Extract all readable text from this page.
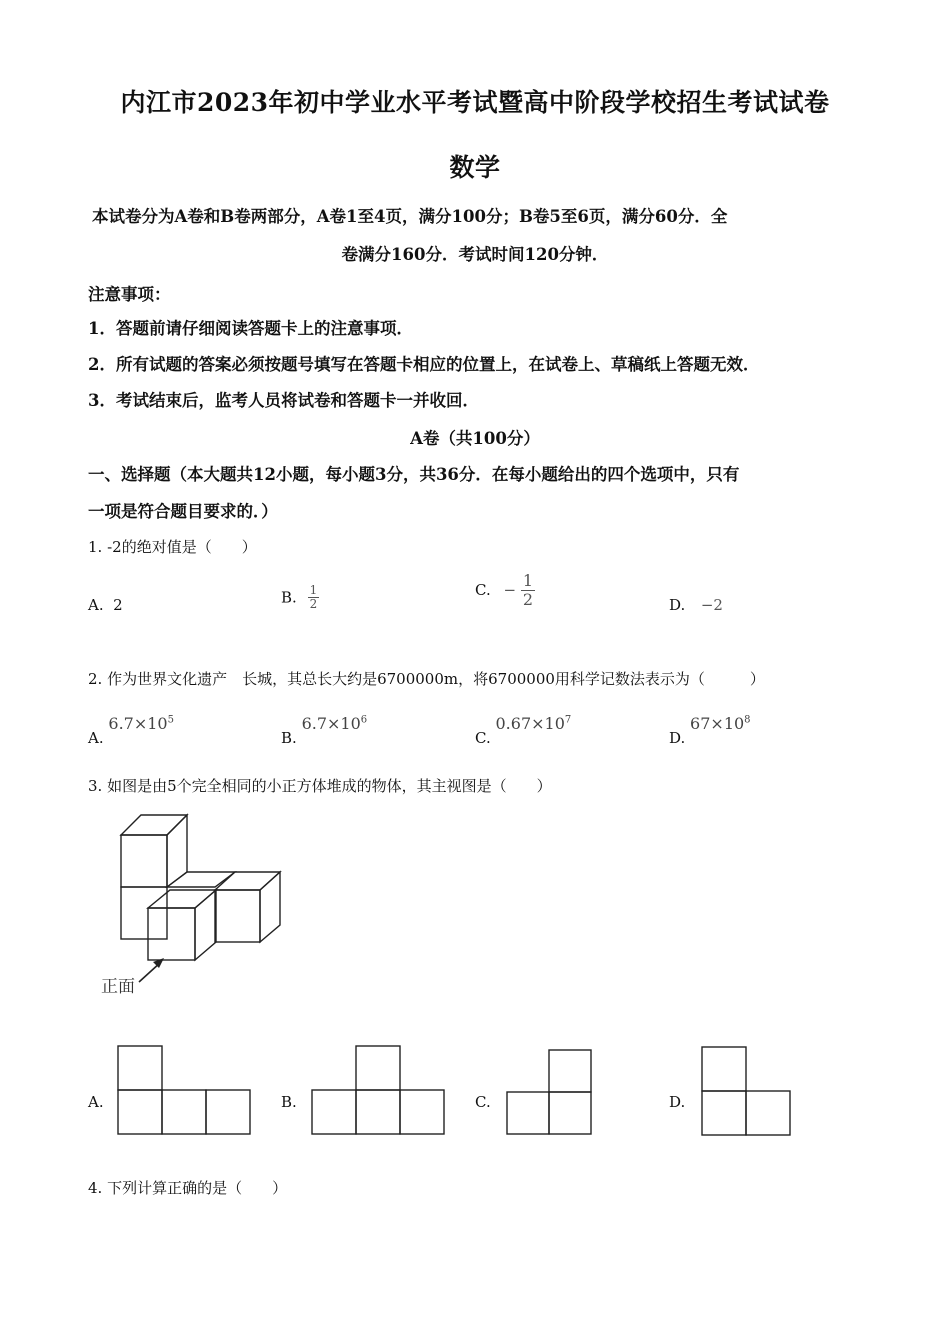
内江市2023年初中学业水平考试暨高中阶段学校招生考试试卷
数学
本试卷分为A卷和B卷两部分，A卷1至4页，满分100分；B卷5至6页，满分60分．全
卷满分160分．考试时间120分钟．
注意事项：
1．答题前请仔细阅读答题卡上的注意事项．
2．所有试题的答案必须按题号填写在答题卡相应的位置上，在试卷上、草稿纸上答题无效．
3．考试结束后，监考人员将试卷和答题卡一并收回．
A卷（共100分）
一、选择题（本大题共12小题，每小题3分，共36分．在每小题给出的四个选项中，只有
一项是符合题目要求的．）
1. -2的绝对值是（　　）
A. 2	B. $\frac{1}{2}$	C. − $\frac{1}{2}$	D. −2
2. 作为世界文化遗产　长城，其总长大约是6700000m，将6700000用科学记数法表示为（　　　）
A. $6.7\times 10^5$
B. $6.7\times 10^6$
C. $0.67\times 10^7$
D. $67\times 10^8$
3. 如图是由5个完全相同的小正方体堆成的物体，其主视图是（　　）
正面
A.	B.	C.	D.
4. 下列计算正确的是（　　）
